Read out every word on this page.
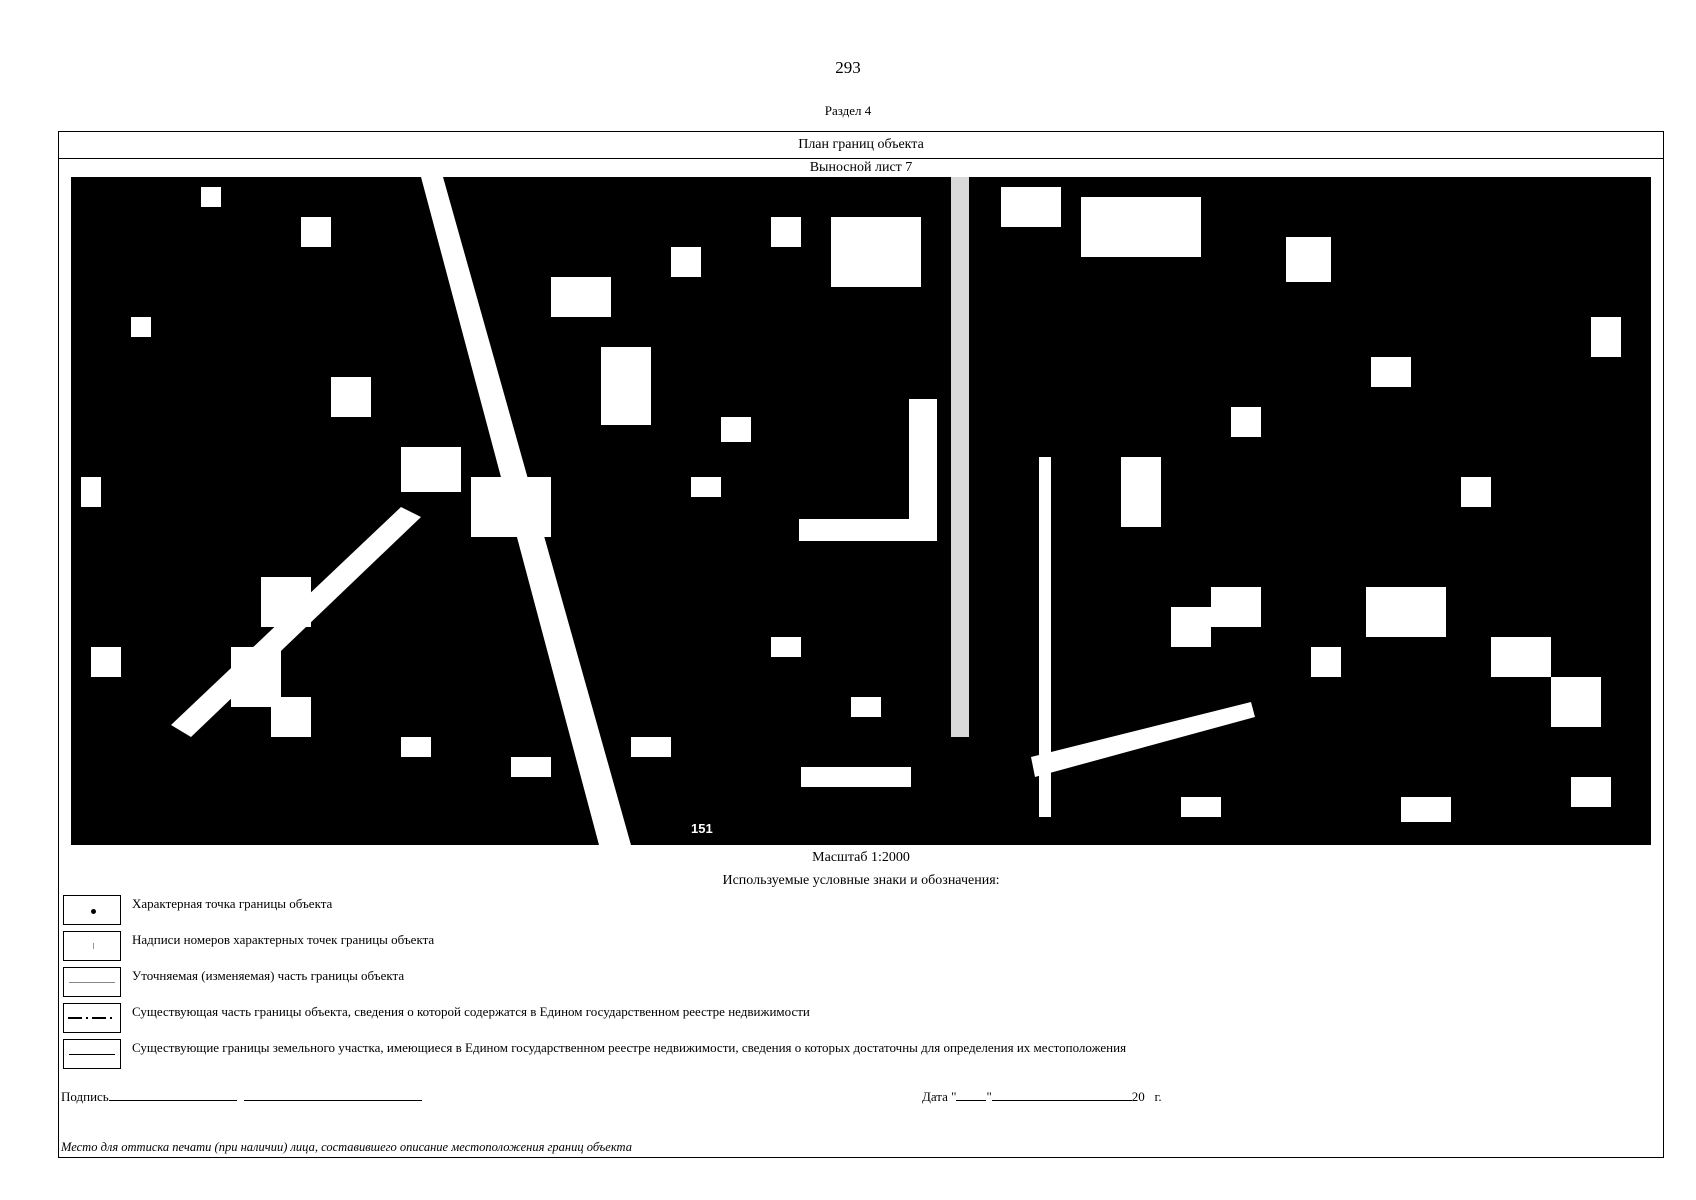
293
Раздел 4
План границ объекта
Выносной лист 7
151
Масштаб 1:2000
Используемые условные знаки и обозначения:
Характерная точка границы объекта
Надписи номеров характерных точек границы объекта
Уточняемая (изменяемая) часть границы объекта
Существующая часть границы объекта, сведения о которой содержатся в Едином государственном реестре недвижимости
Существующие границы земельного участка, имеющиеся в Едином государственном реестре недвижимости, сведения о которых достаточны для определения их местоположения
Подпись	Дата " "	20 г.
Место для оттиска печати (при наличии) лица, составившего описание местоположения границ объекта
